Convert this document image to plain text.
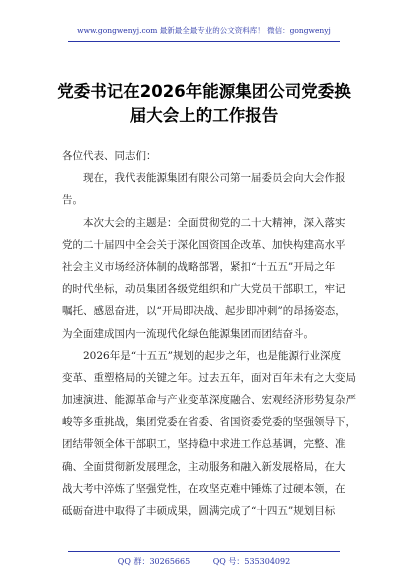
www.gongwenyj.com 最新最全最专业的公文资料库！ 微信：gongwenyj
党委书记在2026年能源集团公司党委换
届大会上的工作报告

各位代表、同志们：

现在，我代表能源集团有限公司第一届委员会向大会作报

告。

本次大会的主题是：全面贯彻党的二十大精神，深入落实

党的二十届四中全会关于深化国资国企改革、加快构建高水平

社会主义市场经济体制的战略部署，紧扣“十五五”开局之年

的时代坐标，动员集团各级党组织和广大党员干部职工，牢记

嘱托、感恩奋进，以“开局即决战、起步即冲刺”的昂扬姿态，

为全面建成国内一流现代化绿色能源集团而团结奋斗。

2026年是“十五五”规划的起步之年，也是能源行业深度

变革、重塑格局的关键之年。过去五年，面对百年未有之大变局

加速演进、能源革命与产业变革深度融合、宏观经济形势复杂严

峻等多重挑战，集团党委在省委、省国资委党委的坚强领导下，

团结带领全体干部职工，坚持稳中求进工作总基调，完整、准

确、全面贯彻新发展理念，主动服务和融入新发展格局，在大

战大考中淬炼了坚强党性，在攻坚克难中锤炼了过硬本领，在

砥砺奋进中取得了丰硕成果，圆满完成了“十四五”规划目标

QQ 群：30265665	QQ 号：535304092
